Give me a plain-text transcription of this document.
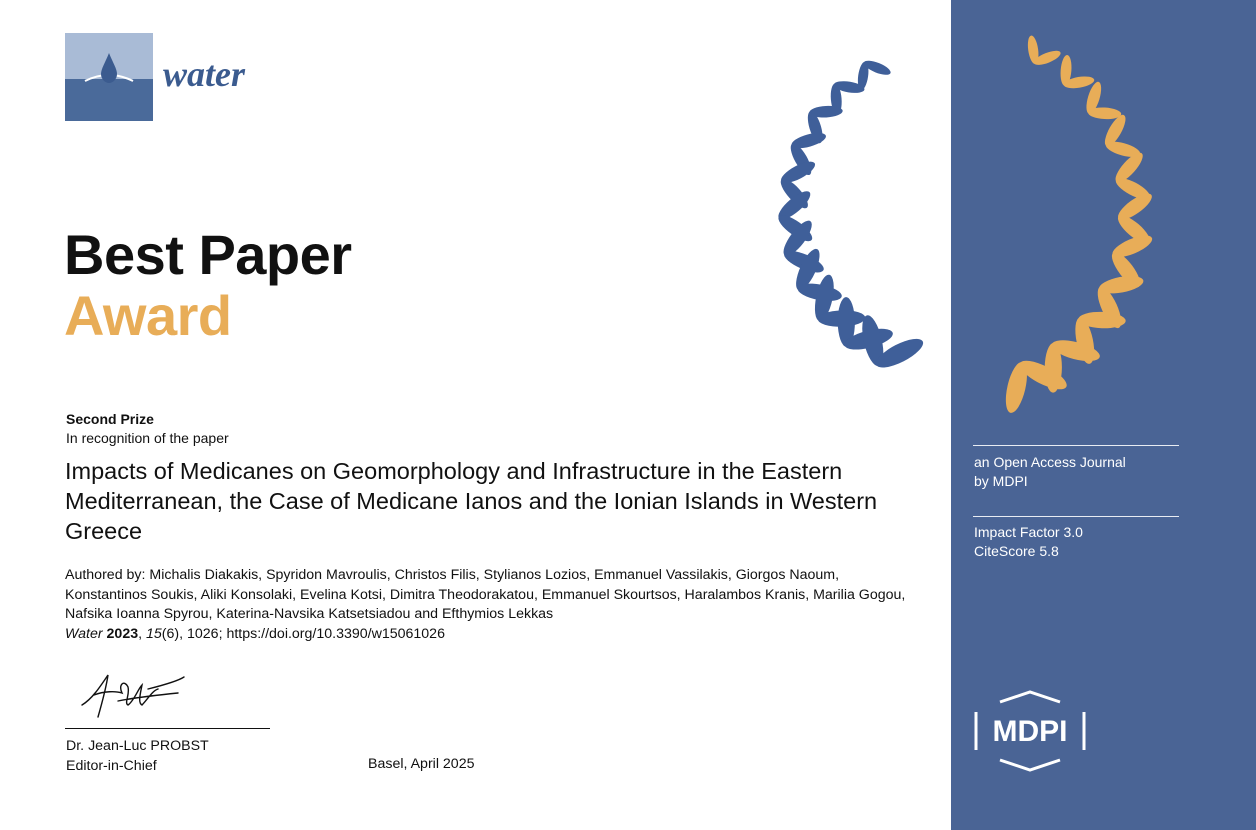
water
Best Paper
Award
Second Prize
In recognition of the paper
Impacts of Medicanes on Geomorphology and Infrastructure in the Eastern Mediterranean, the Case of Medicane Ianos and the Ionian Islands in Western Greece
Authored by: Michalis Diakakis, Spyridon Mavroulis, Christos Filis, Stylianos Lozios, Emmanuel Vassilakis, Giorgos Naoum, Konstantinos Soukis, Aliki Konsolaki, Evelina Kotsi, Dimitra Theodorakatou, Emmanuel Skourtsos, Haralambos Kranis, Marilia Gogou, Nafsika Ioanna Spyrou, Katerina-Navsika Katsetsiadou and Efthymios Lekkas
Water 2023, 15(6), 1026; https://doi.org/10.3390/w15061026
Dr. Jean-Luc PROBST
Editor-in-Chief	Basel, April 2025
an Open Access Journal
by MDPI
Impact Factor 3.0
CiteScore 5.8
MDPI
